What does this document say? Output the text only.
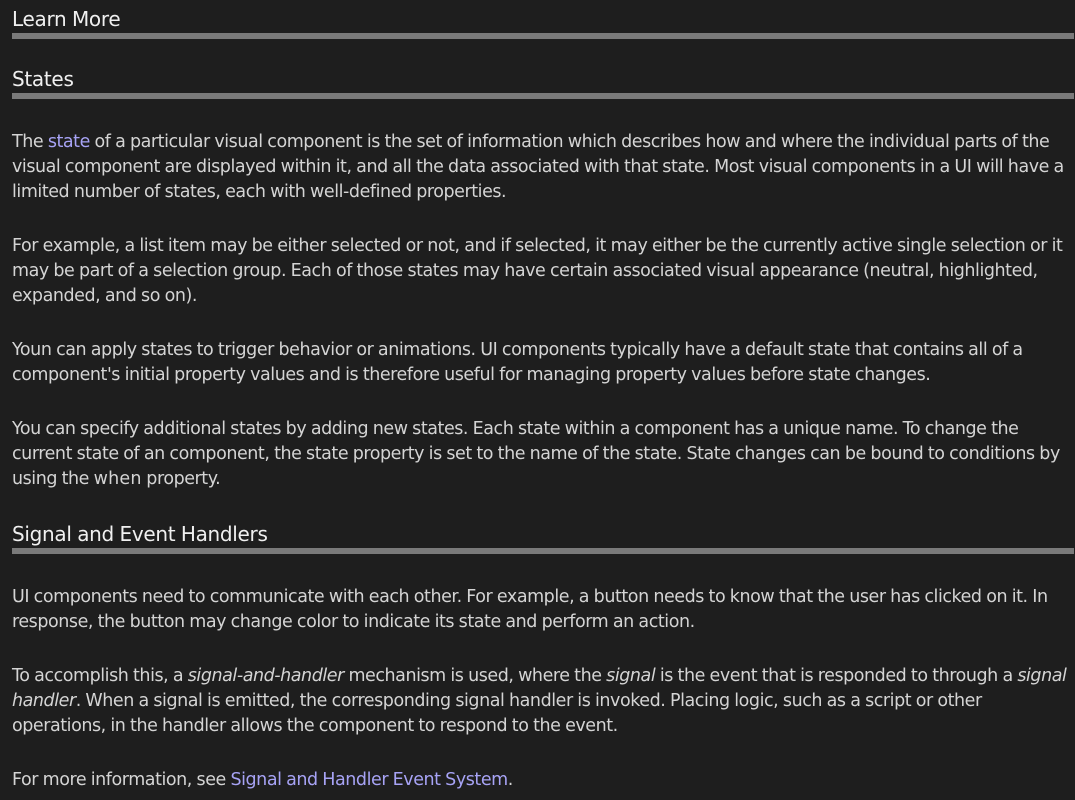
Learn More
States

The state of a particular visual component is the set of information which describes how and where the individual parts of the visual component are displayed within it, and all the data associated with that state. Most visual components in a UI will have a limited number of states, each with well-defined properties.

For example, a list item may be either selected or not, and if selected, it may either be the currently active single selection or it may be part of a selection group. Each of those states may have certain associated visual appearance (neutral, highlighted, expanded, and so on).

Youn can apply states to trigger behavior or animations. UI components typically have a default state that contains all of a component's initial property values and is therefore useful for managing property values before state changes.

You can specify additional states by adding new states. Each state within a component has a unique name. To change the current state of an component, the state property is set to the name of the state. State changes can be bound to conditions by using the when property.

Signal and Event Handlers

UI components need to communicate with each other. For example, a button needs to know that the user has clicked on it. In response, the button may change color to indicate its state and perform an action.

To accomplish this, a signal-and-handler mechanism is used, where the signal is the event that is responded to through a signal handler. When a signal is emitted, the corresponding signal handler is invoked. Placing logic, such as a script or other operations, in the handler allows the component to respond to the event.

For more information, see Signal and Handler Event System.
